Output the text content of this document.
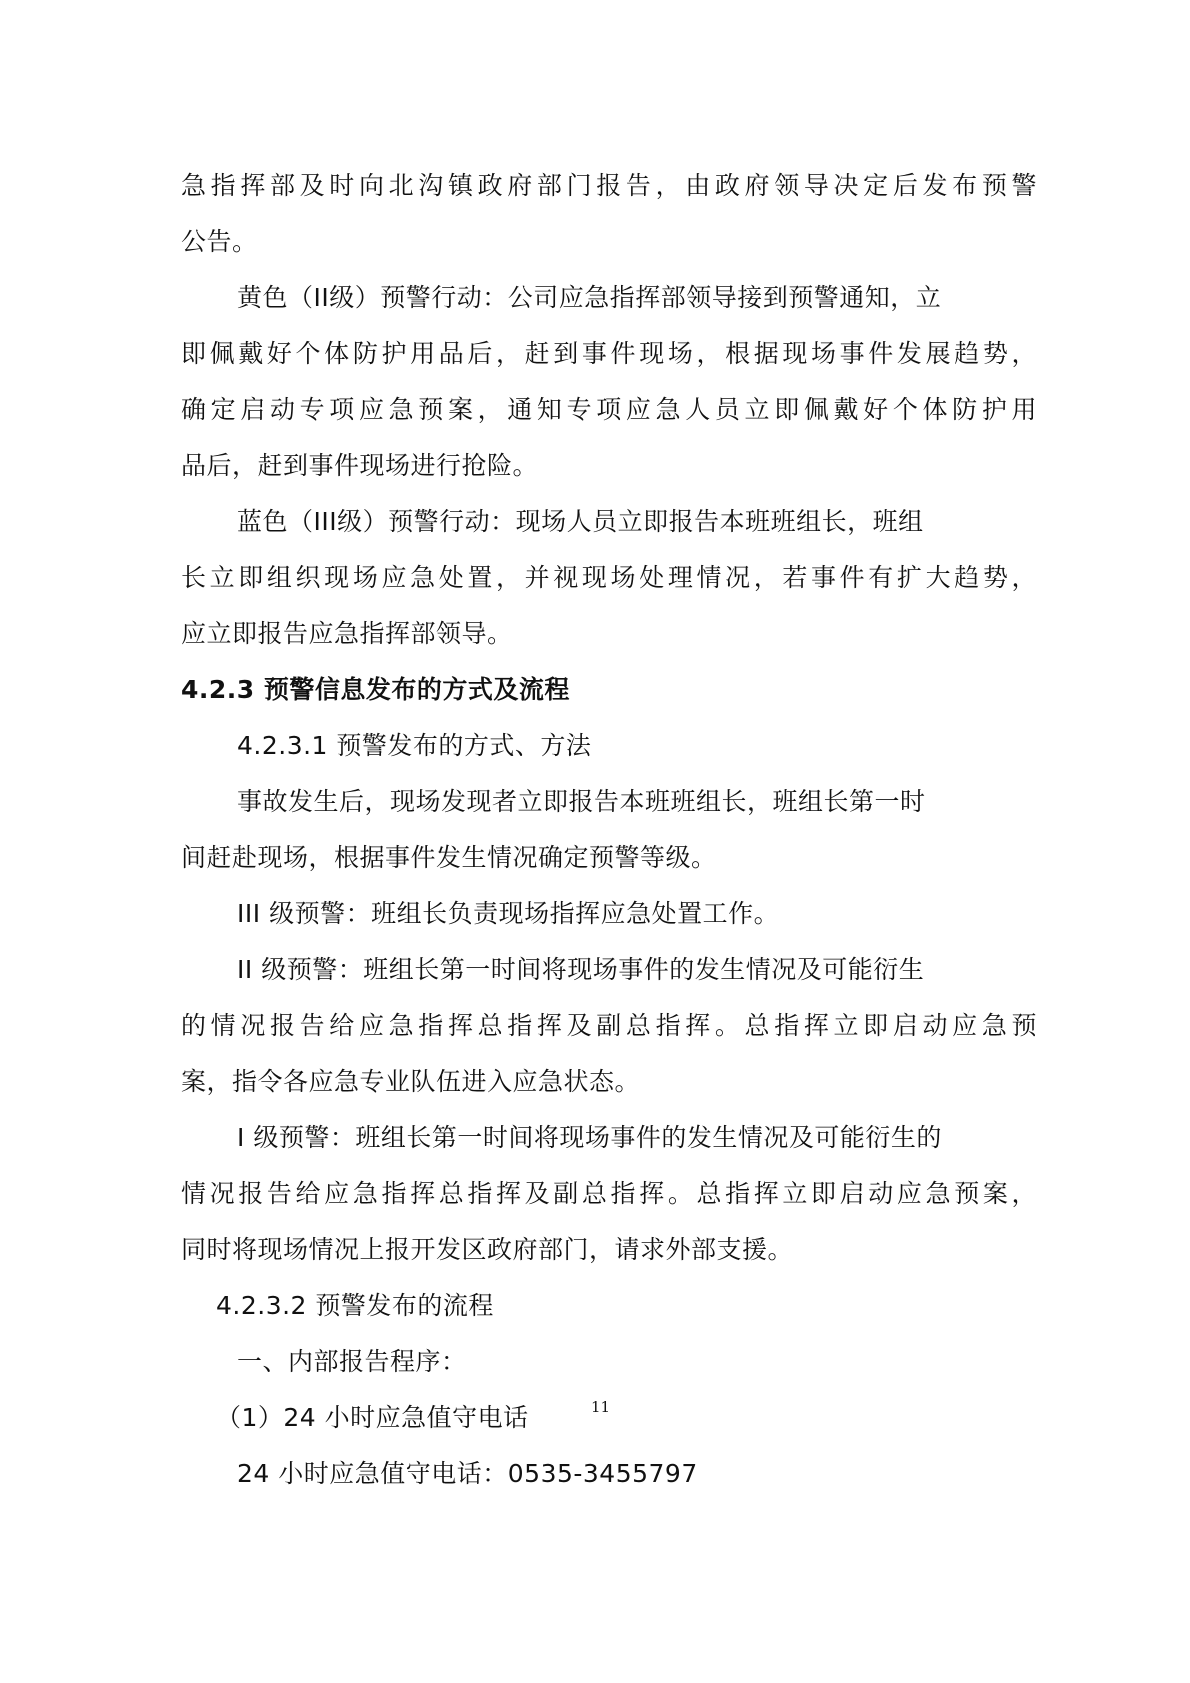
急指挥部及时向北沟镇政府部门报告，由政府领导决定后发布预警
公告。
黄色（II级）预警行动：公司应急指挥部领导接到预警通知，立
即佩戴好个体防护用品后，赶到事件现场，根据现场事件发展趋势，
确定启动专项应急预案，通知专项应急人员立即佩戴好个体防护用
品后，赶到事件现场进行抢险。
蓝色（III级）预警行动：现场人员立即报告本班班组长，班组
长立即组织现场应急处置，并视现场处理情况，若事件有扩大趋势，
应立即报告应急指挥部领导。
4.2.3 预警信息发布的方式及流程
4.2.3.1 预警发布的方式、方法
事故发生后，现场发现者立即报告本班班组长，班组长第一时
间赶赴现场，根据事件发生情况确定预警等级。
III 级预警：班组长负责现场指挥应急处置工作。
II 级预警：班组长第一时间将现场事件的发生情况及可能衍生
的情况报告给应急指挥总指挥及副总指挥。总指挥立即启动应急预
案，指令各应急专业队伍进入应急状态。
I 级预警：班组长第一时间将现场事件的发生情况及可能衍生的
情况报告给应急指挥总指挥及副总指挥。总指挥立即启动应急预案，
同时将现场情况上报开发区政府部门，请求外部支援。
4.2.3.2 预警发布的流程
一、内部报告程序：
（1）24 小时应急值守电话
24 小时应急值守电话：0535-3455797
11
